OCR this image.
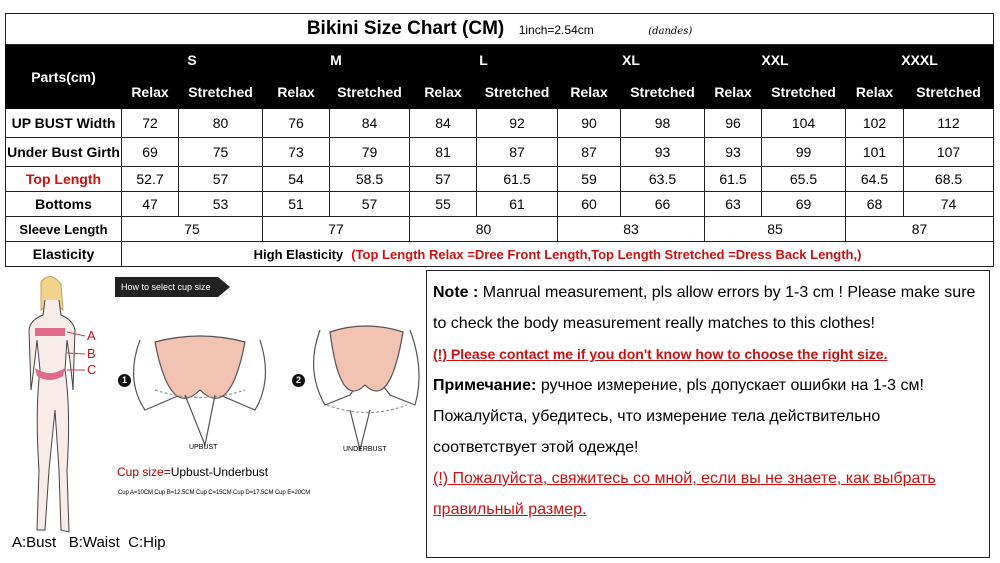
Bikini Size Chart (CM) 1inch=2.54cm (dandes)												
Parts(cm)	S		M		L		XL		XXL		XXXL	
	Relax	Stretched	Relax	Stretched	Relax	Stretched	Relax	Stretched	Relax	Stretched	Relax	Stretched
UP BUST Width	72	80	76	84	84	92	90	98	96	104	102	112
Under Bust Girth	69	75	73	79	81	87	87	93	93	99	101	107
Top Length	52.7	57	54	58.5	57	61.5	59	63.5	61.5	65.5	64.5	68.5
Bottoms	47	53	51	57	55	61	60	66	63	69	68	74
Sleeve Length	75		77		80		83		85		87	
Elasticity	High Elasticity (Top Length Relax =Dree Front Length,Top Length Stretched =Dress Back Length,)											
A
B
C
How to select cup size
1	2
UPBUST	UNDERBUST
Cup size=Upbust-Underbust
Cup A=10CM Cup B=12.5CM Cup C=15CM Cup D=17.5CM Cup E=20CM
A:Bust   B:Waist  C:Hip

Note : Manrual measurement, pls allow errors by 1-3 cm ! Please make sure to check the body measurement really matches to this clothes!

(!) Please contact me if you don't know how to choose the right size.

Примечание: ручное измерение, pls допускает ошибки на 1-3 см! Пожалуйста, убедитесь, что измерение тела действительно соответствует этой одежде!

(!) Пожалуйста, свяжитесь со мной, если вы не знаете, как выбрать правильный размер.
